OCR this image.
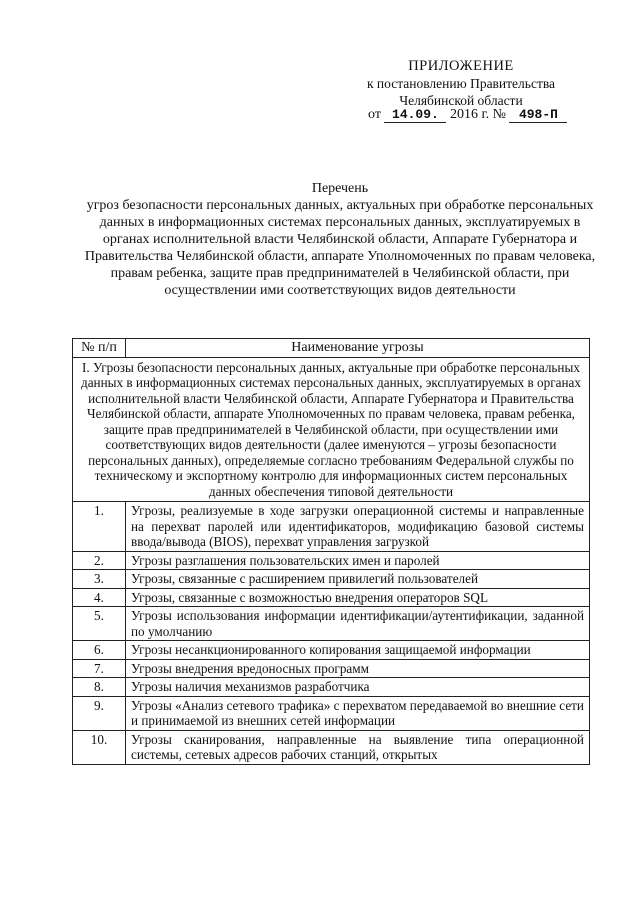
ПРИЛОЖЕНИЕ
к постановлению Правительства
Челябинской области
от 14.09. 2016 г. № 498-П
Перечень
угроз безопасности персональных данных, актуальных при обработке персональных данных в информационных системах персональных данных, эксплуатируемых в органах исполнительной власти Челябинской области, Аппарате Губернатора и Правительства Челябинской области, аппарате Уполномоченных по правам человека, правам ребенка, защите прав предпринимателей в Челябинской области, при осуществлении ими соответствующих видов деятельности
№ п/п	Наименование угрозы
I. Угрозы безопасности персональных данных, актуальные при обработке персональных данных в информационных системах персональных данных, эксплуатируемых в органах исполнительной власти Челябинской области, Аппарате Губернатора и Правительства Челябинской области, аппарате Уполномоченных по правам человека, правам ребенка, защите прав предпринимателей в Челябинской области, при осуществлении ими соответствующих видов деятельности (далее именуются – угрозы безопасности персональных данных), определяемые согласно требованиям Федеральной службы по техническому и экспортному контролю для информационных систем персональных данных обеспечения типовой деятельности	
1.	Угрозы, реализуемые в ходе загрузки операционной системы и направленные на перехват паролей или идентификаторов, модификацию базовой системы ввода/вывода (BIOS), перехват управления загрузкой
2.	Угрозы разглашения пользовательских имен и паролей
3.	Угрозы, связанные с расширением привилегий пользователей
4.	Угрозы, связанные с возможностью внедрения операторов SQL
5.	Угрозы использования информации идентификации/аутентификации, заданной по умолчанию
6.	Угрозы несанкционированного копирования защищаемой информации
7.	Угрозы внедрения вредоносных программ
8.	Угрозы наличия механизмов разработчика
9.	Угрозы «Анализ сетевого трафика» с перехватом передаваемой во внешние сети и принимаемой из внешних сетей информации
10.	Угрозы сканирования, направленные на выявление типа операционной системы, сетевых адресов рабочих станций, открытых
